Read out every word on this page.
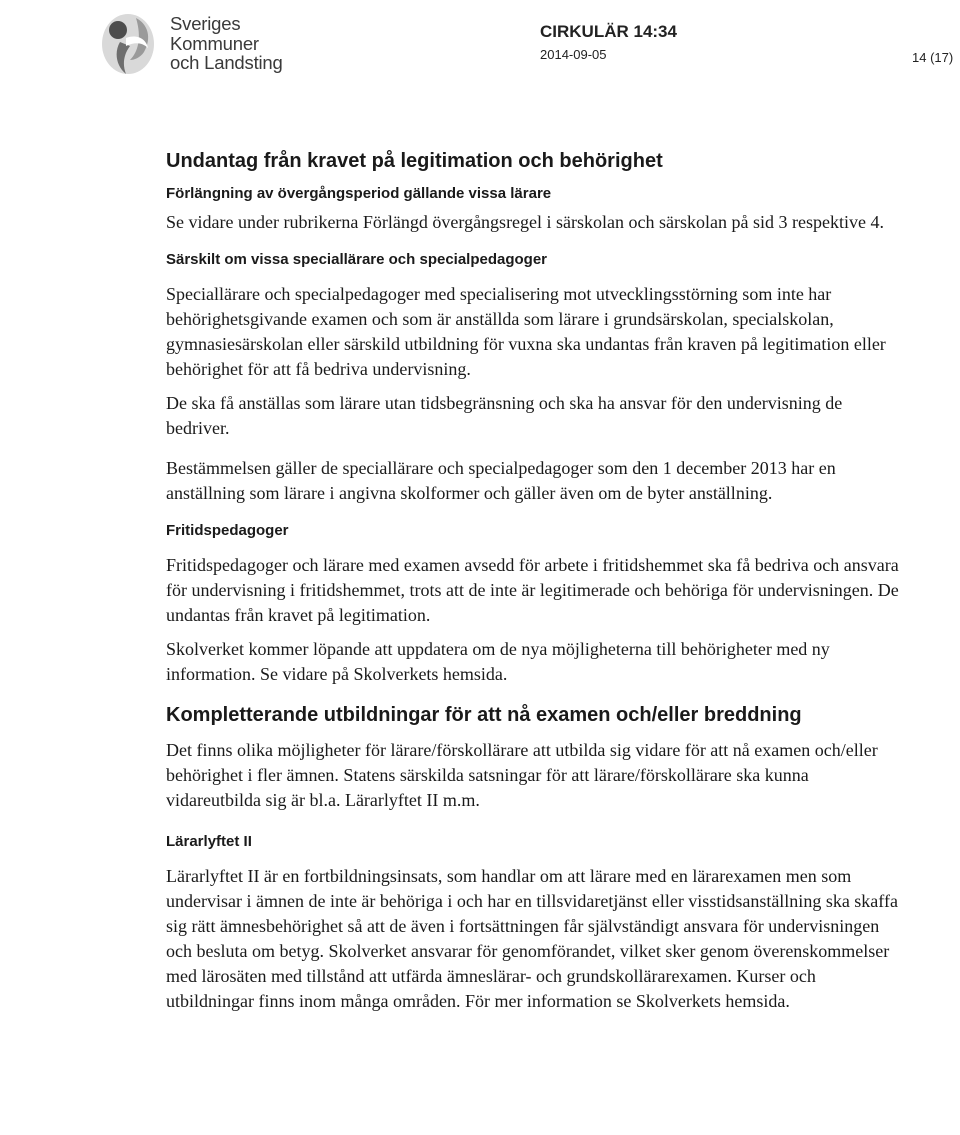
Sveriges
Kommuner
och Landsting
CIRKULÄR 14:34
2014-09-05	14 (17)
Undantag från kravet på legitimation och behörighet
Förlängning av övergångsperiod gällande vissa lärare

Se vidare under rubrikerna Förlängd övergångsregel i särskolan och särskolan på sid 3 respektive 4.

Särskilt om vissa speciallärare och specialpedagoger

Speciallärare och specialpedagoger med specialisering mot utvecklingsstörning som inte har behörighetsgivande examen och som är anställda som lärare i grundsärskolan, specialskolan, gymnasiesärskolan eller särskild utbildning för vuxna ska undantas från kraven på legitimation eller behörighet för att få bedriva undervisning.

De ska få anställas som lärare utan tidsbegränsning och ska ha ansvar för den undervisning de bedriver.

Bestämmelsen gäller de speciallärare och specialpedagoger som den 1 december 2013 har en anställning som lärare i angivna skolformer och gäller även om de byter anställning.

Fritidspedagoger

Fritidspedagoger och lärare med examen avsedd för arbete i fritidshemmet ska få bedriva och ansvara för undervisning i fritidshemmet, trots att de inte är legitimerade och behöriga för undervisningen. De undantas från kravet på legitimation.

Skolverket kommer löpande att uppdatera om de nya möjligheterna till behörigheter med ny information. Se vidare på Skolverkets hemsida.

Kompletterande utbildningar för att nå examen och/eller breddning

Det finns olika möjligheter för lärare/förskollärare att utbilda sig vidare för att nå examen och/eller behörighet i fler ämnen. Statens särskilda satsningar för att lärare/förskollärare ska kunna vidareutbilda sig är bl.a. Lärarlyftet II m.m.

Lärarlyftet II

Lärarlyftet II är en fortbildningsinsats, som handlar om att lärare med en lärarexamen men som undervisar i ämnen de inte är behöriga i och har en tillsvidaretjänst eller visstidsanställning ska skaffa sig rätt ämnesbehörighet så att de även i fortsättningen får självständigt ansvara för undervisningen och besluta om betyg. Skolverket ansvarar för genomförandet, vilket sker genom överenskommelser med lärosäten med tillstånd att utfärda ämneslärar- och grundskollärarexamen. Kurser och utbildningar finns inom många områden. För mer information se Skolverkets hemsida.
